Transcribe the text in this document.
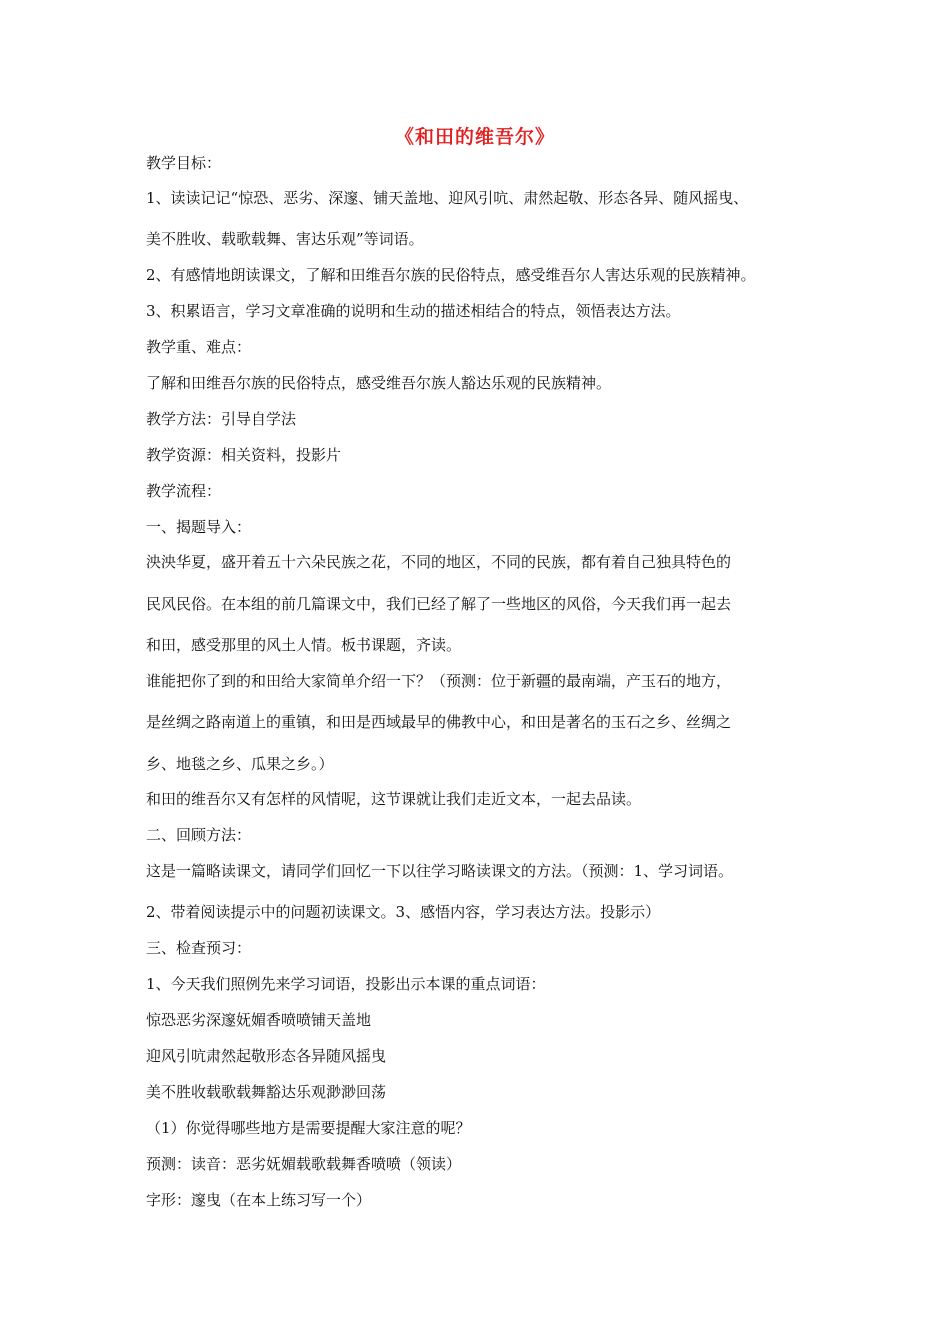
《和田的维吾尔》
教学目标：
1、读读记记“惊恐、恶劣、深邃、铺天盖地、迎风引吭、肃然起敬、形态各异、随风摇曳、
美不胜收、载歌载舞、害达乐观”等词语。
2、有感情地朗读课文，了解和田维吾尔族的民俗特点，感受维吾尔人害达乐观的民族精神。
3、积累语言，学习文章准确的说明和生动的描述相结合的特点，领悟表达方法。
教学重、难点：
了解和田维吾尔族的民俗特点，感受维吾尔族人豁达乐观的民族精神。
教学方法：引导自学法
教学资源：相关资料，投影片
教学流程：
一、揭题导入：
泱泱华夏，盛开着五十六朵民族之花，不同的地区，不同的民族，都有着自己独具特色的
民风民俗。在本组的前几篇课文中，我们已经了解了一些地区的风俗，今天我们再一起去
和田，感受那里的风土人情。板书课题，齐读。
谁能把你了到的和田给大家简单介绍一下？（预测：位于新疆的最南端，产玉石的地方，
是丝绸之路南道上的重镇，和田是西域最早的佛教中心，和田是著名的玉石之乡、丝绸之
乡、地毯之乡、瓜果之乡。）
和田的维吾尔又有怎样的风情呢，这节课就让我们走近文本，一起去品读。
二、回顾方法：
这是一篇略读课文，请同学们回忆一下以往学习略读课文的方法。（预测：1、学习词语。
2、带着阅读提示中的问题初读课文。3、感悟内容，学习表达方法。投影示）
三、检查预习：
1、今天我们照例先来学习词语，投影出示本课的重点词语：
惊恐恶劣深邃妩媚香喷喷铺天盖地
迎风引吭肃然起敬形态各异随风摇曳
美不胜收载歌载舞豁达乐观渺渺回荡
（1）你觉得哪些地方是需要提醒大家注意的呢？
预测：读音：恶劣妩媚载歌载舞香喷喷（领读）
字形：邃曳（在本上练习写一个）
